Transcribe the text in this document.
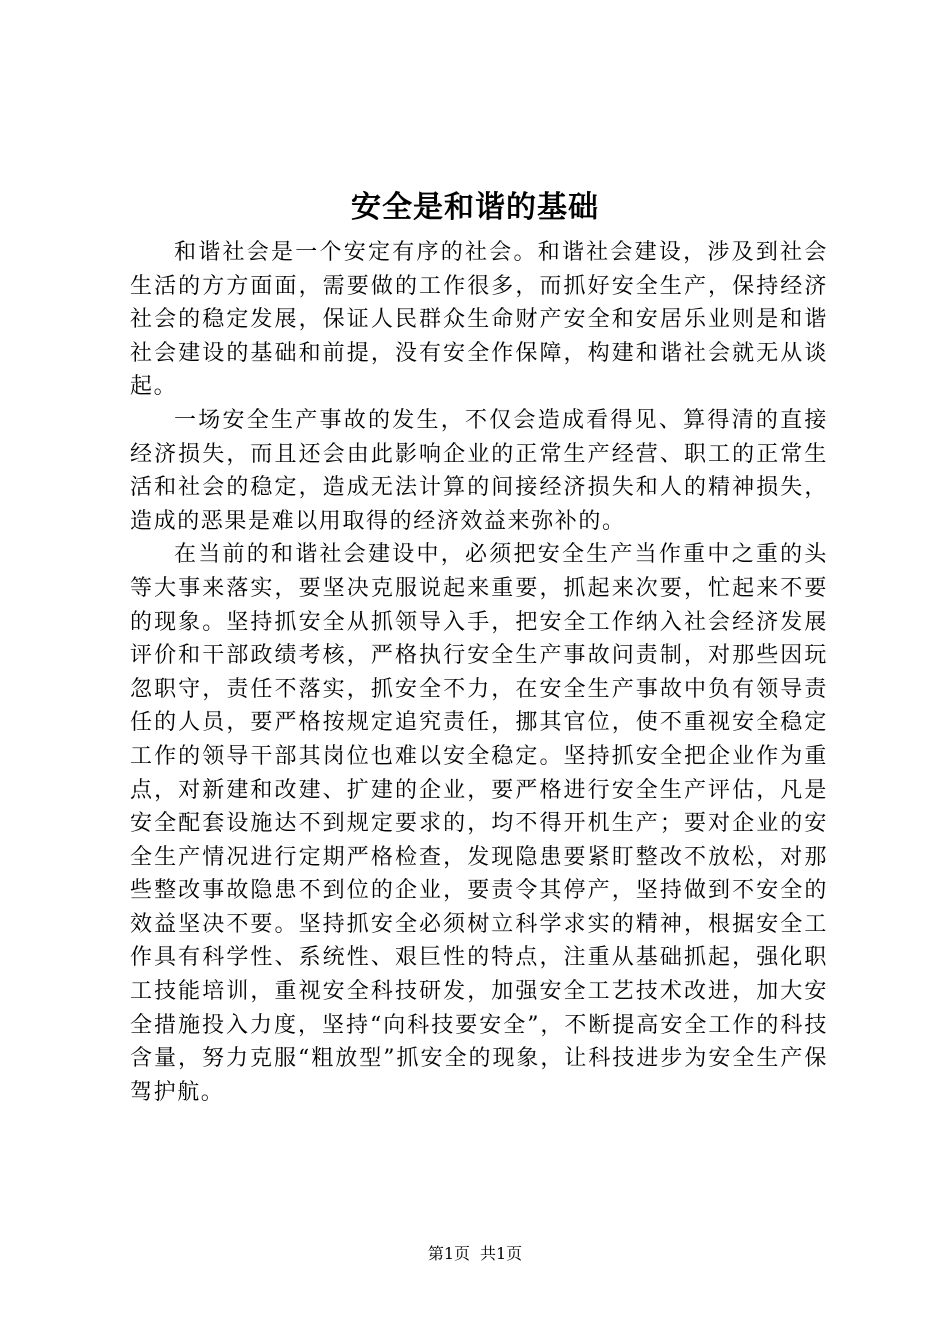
安全是和谐的基础

和谐社会是一个安定有序的社会。和谐社会建设，涉及到社会生活的方方面面，需要做的工作很多，而抓好安全生产，保持经济社会的稳定发展，保证人民群众生命财产安全和安居乐业则是和谐社会建设的基础和前提，没有安全作保障，构建和谐社会就无从谈起。

一场安全生产事故的发生，不仅会造成看得见、算得清的直接经济损失，而且还会由此影响企业的正常生产经营、职工的正常生活和社会的稳定，造成无法计算的间接经济损失和人的精神损失，造成的恶果是难以用取得的经济效益来弥补的。

在当前的和谐社会建设中，必须把安全生产当作重中之重的头等大事来落实，要坚决克服说起来重要，抓起来次要，忙起来不要的现象。坚持抓安全从抓领导入手，把安全工作纳入社会经济发展评价和干部政绩考核，严格执行安全生产事故问责制，对那些因玩忽职守，责任不落实，抓安全不力，在安全生产事故中负有领导责任的人员，要严格按规定追究责任，挪其官位，使不重视安全稳定工作的领导干部其岗位也难以安全稳定。坚持抓安全把企业作为重点，对新建和改建、扩建的企业，要严格进行安全生产评估，凡是安全配套设施达不到规定要求的，均不得开机生产；要对企业的安全生产情况进行定期严格检查，发现隐患要紧盯整改不放松，对那些整改事故隐患不到位的企业，要责令其停产，坚持做到不安全的效益坚决不要。坚持抓安全必须树立科学求实的精神，根据安全工作具有科学性、系统性、艰巨性的特点，注重从基础抓起，强化职工技能培训，重视安全科技研发，加强安全工艺技术改进，加大安全措施投入力度，坚持“向科技要安全”，不断提高安全工作的科技含量，努力克服“粗放型”抓安全的现象，让科技进步为安全生产保驾护航。

第1页 共1页
